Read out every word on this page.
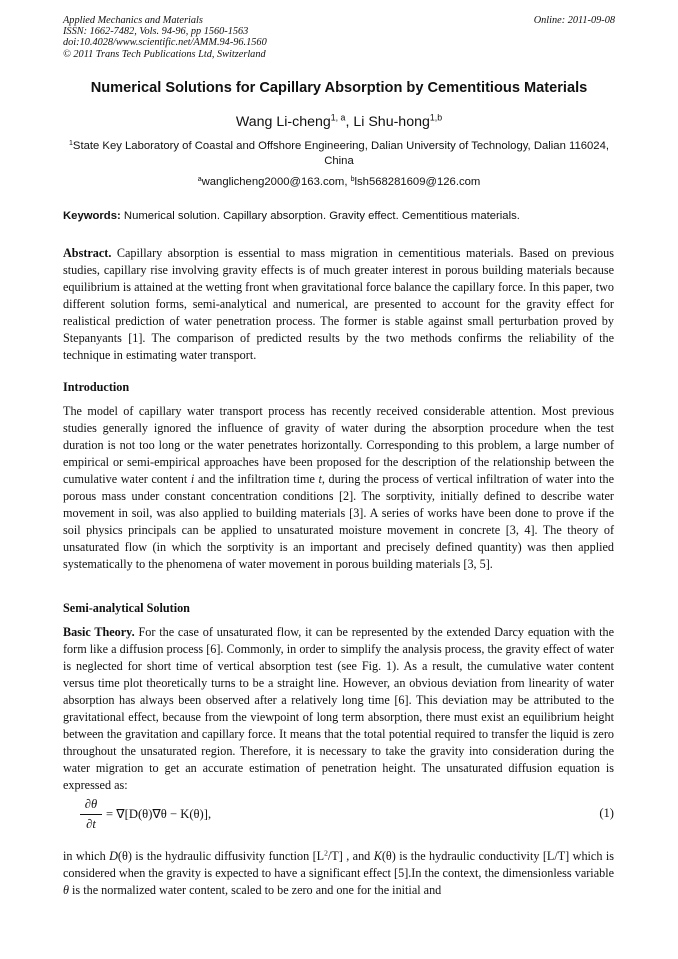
Applied Mechanics and Materials
ISSN: 1662-7482, Vols. 94-96, pp 1560-1563
doi:10.4028/www.scientific.net/AMM.94-96.1560
© 2011 Trans Tech Publications Ltd, Switzerland
Online: 2011-09-08
Numerical Solutions for Capillary Absorption by Cementitious Materials
Wang Li-cheng$^{1, a}$, Li Shu-hong$^{1,b}$
$^1$State Key Laboratory of Coastal and Offshore Engineering, Dalian University of Technology, Dalian 116024, China
$^a$wanglicheng2000@163.com, $^b$lsh568281609@126.com
Keywords: Numerical solution. Capillary absorption. Gravity effect. Cementitious materials.

Abstract. Capillary absorption is essential to mass migration in cementitious materials. Based on previous studies, capillary rise involving gravity effects is of much greater interest in porous building materials because equilibrium is attained at the wetting front when gravitational force balance the capillary force. In this paper, two different solution forms, semi-analytical and numerical, are presented to account for the gravity effect for realistical prediction of water penetration process. The former is stable against small perturbation proved by Stepanyants [1]. The comparison of predicted results by the two methods confirms the reliability of the technique in estimating water transport.

Introduction

The model of capillary water transport process has recently received considerable attention. Most previous studies generally ignored the influence of gravity of water during the absorption procedure when the test duration is not too long or the water penetrates horizontally. Corresponding to this problem, a large number of empirical or semi-empirical approaches have been proposed for the description of the relationship between the cumulative water content i and the infiltration time t, during the process of vertical infiltration of water into the porous mass under constant concentration conditions [2]. The sorptivity, initially defined to describe water movement in soil, was also applied to building materials [3]. A series of works have been done to prove if the soil physics principals can be applied to unsaturated moisture movement in concrete [3, 4]. The theory of unsaturated flow (in which the sorptivity is an important and precisely defined quantity) was then applied systematically to the phenomena of water movement in porous building materials [3, 5].

Semi-analytical Solution

Basic Theory. For the case of unsaturated flow, it can be represented by the extended Darcy equation with the form like a diffusion process [6]. Commonly, in order to simplify the analysis process, the gravity effect of water is neglected for short time of vertical absorption test (see Fig. 1). As a result, the cumulative water content versus time plot theoretically turns to be a straight line. However, an obvious deviation from linearity of water absorption has always been observed after a relatively long time [6]. This deviation may be attributed to the gravitational effect, because from the viewpoint of long term absorption, there must exist an equilibrium height between the gravitation and capillary force. It means that the total potential required to transfer the liquid is zero throughout the unsaturated region. Therefore, it is necessary to take the gravity into consideration during the water migration to get an accurate estimation of penetration height. The unsaturated diffusion equation is expressed as:

∂θ
∂t
= ∇[D(θ)∇θ − K(θ)],	(1)

in which D(θ) is the hydraulic diffusivity function $[L^2/T]$ , and K(θ) is the hydraulic conductivity [L/T] which is considered when the gravity is expected to have a significant effect [5].In the context, the dimensionless variable θ is the normalized water content, scaled to be zero and one for the initial and
